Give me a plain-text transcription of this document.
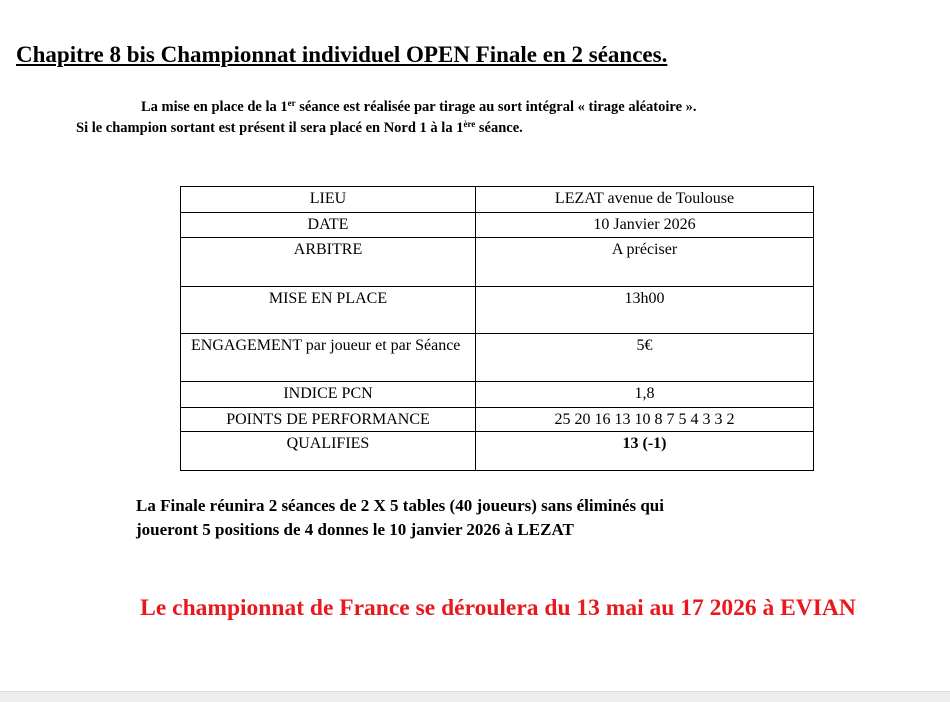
Chapitre 8 bis Championnat individuel OPEN Finale en 2 séances.
La mise en place de la 1er séance est réalisée par tirage au sort intégral « tirage aléatoire ».
Si le champion sortant est présent il sera placé en Nord 1 à la 1ère séance.
LIEU	LEZAT avenue de Toulouse
DATE	10 Janvier 2026
ARBITRE	A préciser
MISE EN PLACE	13h00
ENGAGEMENT par joueur et par Séance	5€
INDICE PCN	1,8
POINTS DE PERFORMANCE	25 20 16 13 10 8 7 5 4 3 3 2
QUALIFIES	13 (-1)
La Finale réunira 2 séances de 2 X 5 tables (40 joueurs) sans éliminés qui
joueront 5 positions de 4 donnes le 10 janvier 2026 à LEZAT
Le championnat de France se déroulera du 13 mai au 17 2026 à EVIAN
